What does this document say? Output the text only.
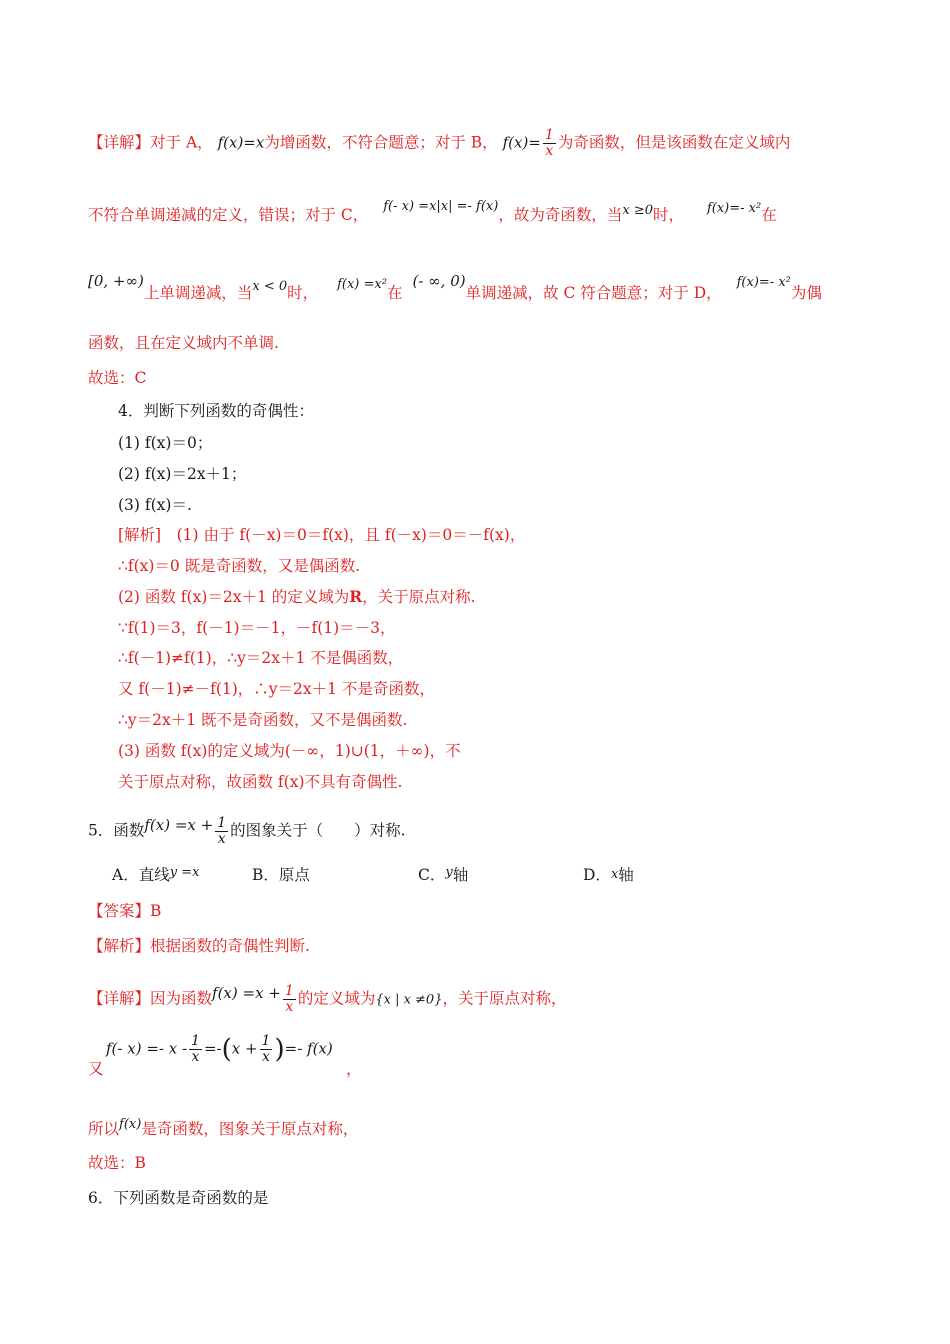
【详解】对于 A， f(x)=x为增函数，不符合题意；对于 B， $f(x)= \frac{1}{x}$ 为奇函数，但是该函数在定义域内
不符合单调递减的定义，错误；对于 C， $^{f(- x) =x|x| =- f(x)}$，故为奇函数，当$^{x \ge 0}$时， $^{f(x)=- x^2}$在
[0, +∞)上单调递减，当$^{x < 0}$时， $^{f(x) =x^2}$在(- ∞, 0)单调递减，故 C 符合题意；对于 D， $^{f(x)=- x^2}$为偶
函数，且在定义域内不单调.
故选：C
4．判断下列函数的奇偶性：
(1) f(x)＝0；
(2) f(x)＝2x＋1；
(3) f(x)＝.
[解析]　(1) 由于 f(－x)＝0＝f(x)，且 f(－x)＝0＝－f(x)，
∴f(x)＝0 既是奇函数，又是偶函数.
(2) 函数 f(x)＝2x＋1 的定义域为R，关于原点对称.
∵f(1)＝3，f(－1)＝－1，－f(1)＝－3，
∴f(－1)≠f(1)，∴y＝2x＋1 不是偶函数，
又 f(－1)≠－f(1)，∴y＝2x＋1 不是奇函数，
∴y＝2x＋1 既不是奇函数，又不是偶函数.
(3) 函数 f(x)的定义域为(－∞，1)∪(1，＋∞)，不
关于原点对称，故函数 f(x)不具有奇偶性.
5．函数$f(x) =x + \frac{1}{x}$ 的图象关于（　　）对称.
A．直线$^{y =x}$	B．原点	C．$^y$轴	D．x轴
【答案】B
【解析】根据函数的奇偶性判断.
【详解】因为函数$f(x) =x + \frac{1}{x}$ 的定义域为{x | x ≠0}，关于原点对称，
又
f(- $x) =- x - \frac{1}{x} =-(x + \frac{1}{x}$ )=- f(x)
，
所以$^{f(x)}$是奇函数，图象关于原点对称，
故选：B
6．下列函数是奇函数的是
